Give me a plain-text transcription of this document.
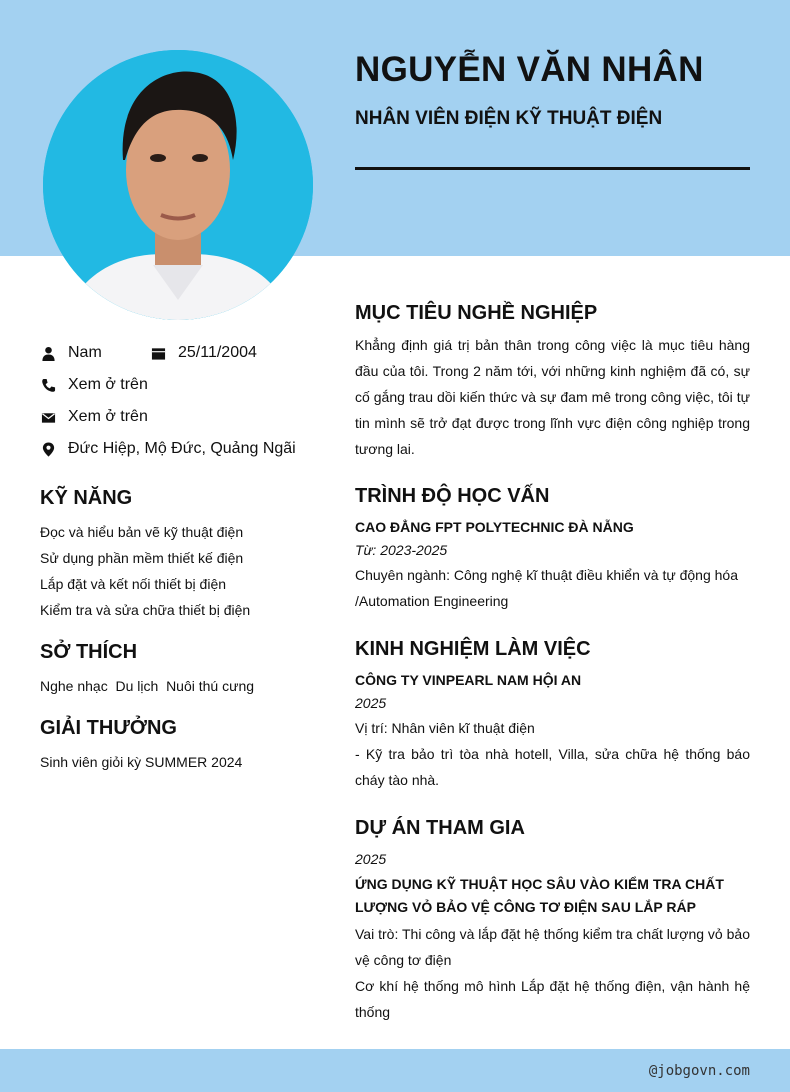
NGUYỄN VĂN NHÂN
NHÂN VIÊN ĐIỆN KỸ THUẬT ĐIỆN
Nam	25/11/2004
Xem ở trên
Xem ở trên
Đức Hiệp, Mộ Đức, Quảng Ngãi
KỸ NĂNG
Đọc và hiểu bản vẽ kỹ thuật điện
Sử dụng phần mềm thiết kế điện
Lắp đặt và kết nối thiết bị điện
Kiểm tra và sửa chữa thiết bị điện
SỞ THÍCH

Nghe nhạc  Du lịch  Nuôi thú cưng

GIẢI THƯỞNG

Sinh viên giỏi kỳ SUMMER 2024

MỤC TIÊU NGHỀ NGHIỆP

Khẳng định giá trị bản thân trong công việc là mục tiêu hàng đầu của tôi. Trong 2 năm tới, với những kinh nghiệm đã có, sự cố gắng trau dồi kiến thức và sự đam mê trong công việc, tôi tự tin mình sẽ trở đạt được trong lĩnh vực điện công nghiệp trong tương lai.

TRÌNH ĐỘ HỌC VẤN

CAO ĐẲNG FPT POLYTECHNIC ĐÀ NẴNG

Từ: 2023-2025

Chuyên ngành: Công nghệ kĩ thuật điều khiển và tự động hóa /Automation Engineering

KINH NGHIỆM LÀM VIỆC

CÔNG TY VINPEARL NAM HỘI AN

2025

Vị trí: Nhân viên kĩ thuật điện

- Kỹ tra bảo trì tòa nhà hotell, Villa, sửa chữa hệ thống báo cháy tào nhà.

DỰ ÁN THAM GIA

2025

ỨNG DỤNG KỸ THUẬT HỌC SÂU VÀO KIỂM TRA CHẤT LƯỢNG VỎ BẢO VỆ CÔNG TƠ ĐIỆN SAU LẮP RÁP

Vai trò: Thi công và lắp đặt hệ thống kiểm tra chất lượng vỏ bảo vệ công tơ điện

Cơ khí hệ thống mô hình Lắp đặt hệ thống điện, vận hành hệ thống

@jobgovn.com
